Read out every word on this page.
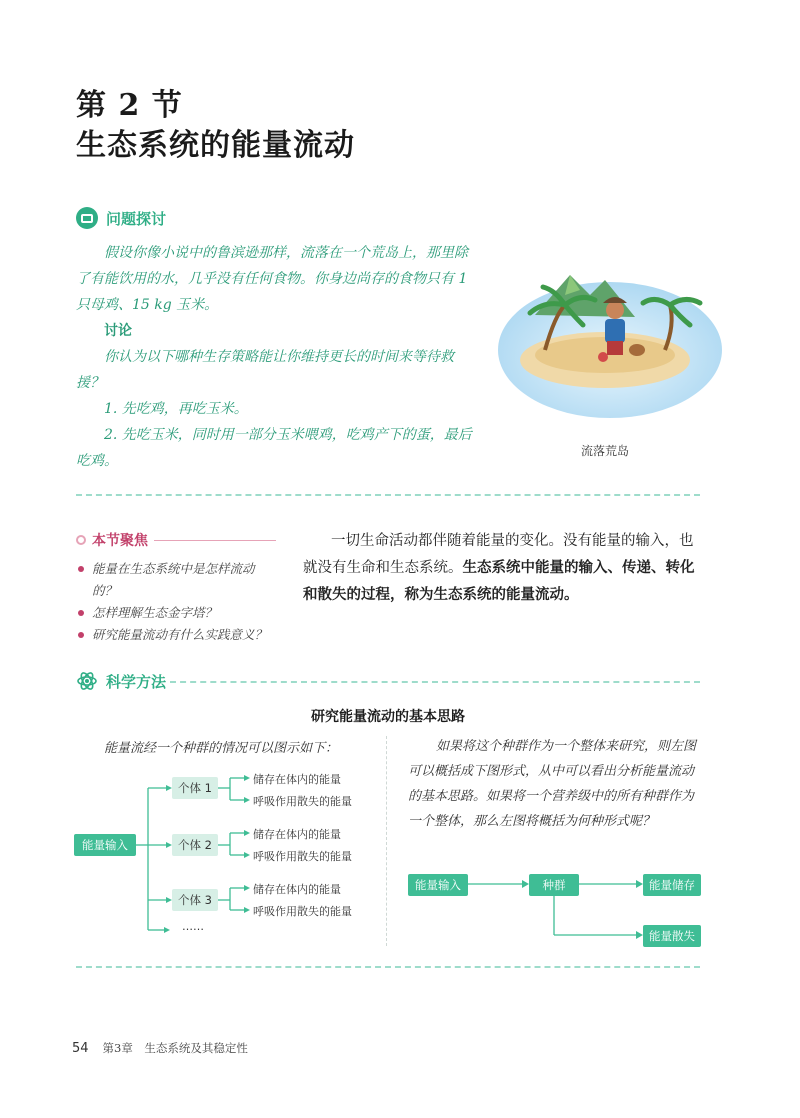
第 2 节
生态系统的能量流动
问题探讨

假设你像小说中的鲁滨逊那样，流落在一个荒岛上，那里除了有能饮用的水，几乎没有任何食物。你身边尚存的食物只有 1 只母鸡、15 kg 玉米。

讨论

你认为以下哪种生存策略能让你维持更长的时间来等待救援？

1. 先吃鸡，再吃玉米。

2. 先吃玉米，同时用一部分玉米喂鸡，吃鸡产下的蛋，最后吃鸡。

流落荒岛
本节聚焦
能量在生态系统中是怎样流动的？
怎样理解生态金字塔？
研究能量流动有什么实践意义？
一切生命活动都伴随着能量的变化。没有能量的输入，也就没有生命和生态系统。生态系统中能量的输入、传递、转化和散失的过程，称为生态系统的能量流动。
科学方法
研究能量流动的基本思路
能量流经一个种群的情况可以图示如下：
能量输入
个体 1
个体 2
个体 3
储存在体内的能量
呼吸作用散失的能量
储存在体内的能量
呼吸作用散失的能量
储存在体内的能量
呼吸作用散失的能量
……
如果将这个种群作为一个整体来研究，则左图可以概括成下图形式，从中可以看出分析能量流动的基本思路。如果将一个营养级中的所有种群作为一个整体，那么左图将概括为何种形式呢？
能量输入	种群	能量储存
能量散失
54 第3章　生态系统及其稳定性
